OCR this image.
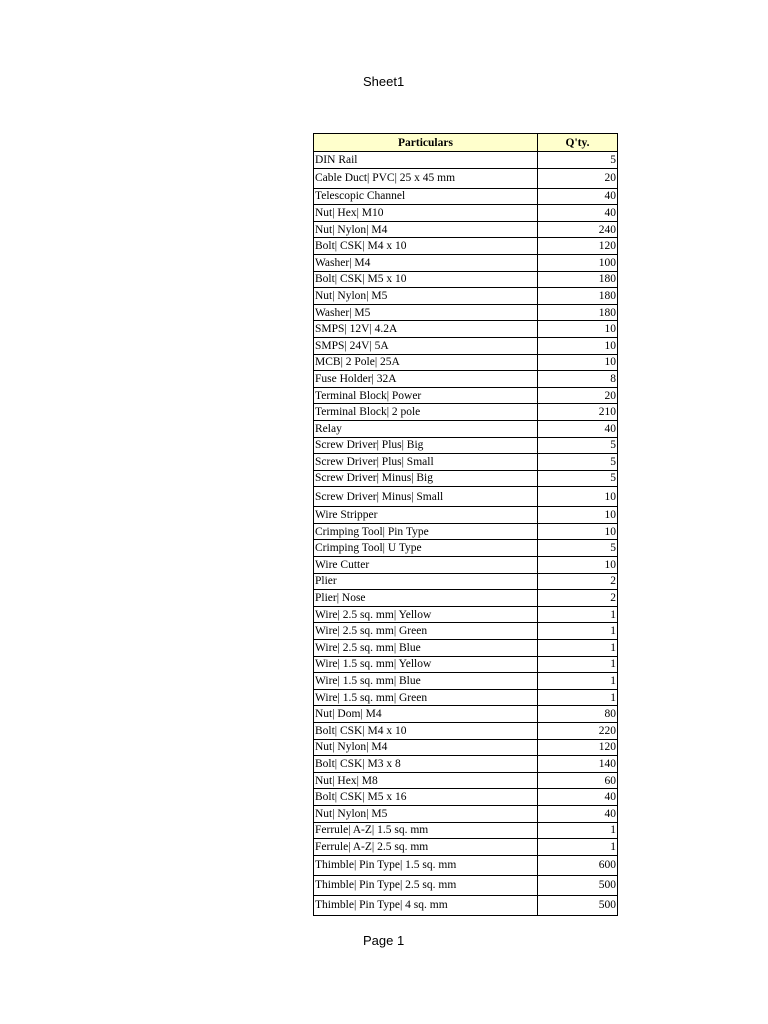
Sheet1
Particulars	Q'ty.
DIN Rail	5
Cable Duct| PVC| 25 x 45 mm	20
Telescopic Channel	40
Nut| Hex| M10	40
Nut| Nylon| M4	240
Bolt| CSK| M4 x 10	120
Washer| M4	100
Bolt| CSK| M5 x 10	180
Nut| Nylon| M5	180
Washer| M5	180
SMPS| 12V| 4.2A	10
SMPS| 24V| 5A	10
MCB| 2 Pole| 25A	10
Fuse Holder| 32A	8
Terminal Block| Power	20
Terminal Block| 2 pole	210
Relay	40
Screw Driver| Plus| Big	5
Screw Driver| Plus| Small	5
Screw Driver| Minus| Big	5
Screw Driver| Minus| Small	10
Wire Stripper	10
Crimping Tool| Pin Type	10
Crimping Tool| U Type	5
Wire Cutter	10
Plier	2
Plier| Nose	2
Wire| 2.5 sq. mm| Yellow	1
Wire| 2.5 sq. mm| Green	1
Wire| 2.5 sq. mm| Blue	1
Wire| 1.5 sq. mm| Yellow	1
Wire| 1.5 sq. mm| Blue	1
Wire| 1.5 sq. mm| Green	1
Nut| Dom| M4	80
Bolt| CSK| M4 x 10	220
Nut| Nylon| M4	120
Bolt| CSK| M3 x 8	140
Nut| Hex| M8	60
Bolt| CSK| M5 x 16	40
Nut| Nylon| M5	40
Ferrule| A-Z| 1.5 sq. mm	1
Ferrule| A-Z| 2.5 sq. mm	1
Thimble| Pin Type| 1.5 sq. mm	600
Thimble| Pin Type| 2.5 sq. mm	500
Thimble| Pin Type| 4 sq. mm	500
Page 1
